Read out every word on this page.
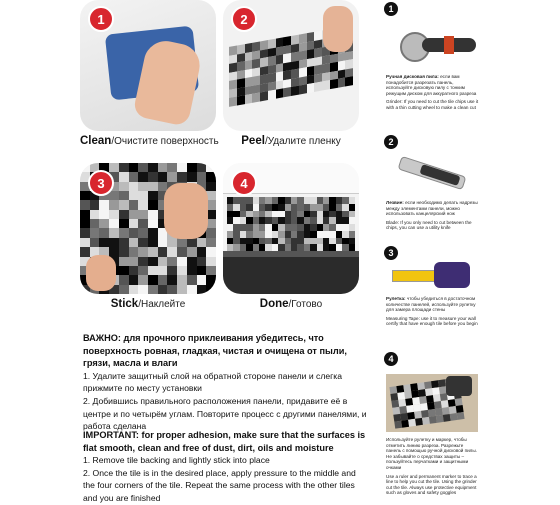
1
Clean/Очистите поверхность
2
Peel/Удалите пленку
3
Stick/Наклейте
4
Done/Готово
ВАЖНО: для прочного приклеивания убедитесь, что поверхность ровная, гладкая, чистая и очищена от пыли, грязи, масла и влаги
1. Удалите защитный слой на обратной стороне панели и слегка прижмите по месту установки
2. Добившись правильного расположения панели, придавите её в центре и по четырём углам. Повторите процесс с другими панелями, и работа сделана
IMPORTANT: for proper adhesion, make sure that the surfaces is flat smooth, clean and free of dust, dirt, oils and moisture
1. Remove tile backing and lightly stick into place
2. Once the tile is in the desired place, apply pressure to the middle and the four corners of the tile. Repeat the same process with the other tiles and you are finished
1

Ручная дисковая пила: если вам понадобится разрезать панель, используйте дисковую пилу с тонким режущим диском для аккуратного разреза

Grinder: If you need to cut the tile chips use it with a thin cutting wheel to make a clean cut

2

Лезвие: если необходимо делать надрезы между элементами панели, можно использовать канцелярский нож

Blade: If you only need to cut between the chips, you can use a utility knife

3

Рулетка: чтобы убедиться в достаточном количестве панелей, используйте рулетку для замера площади стены

Measuring Tape: use it to measure your wall certify that have enough tile before you begin

4

Используйте рулетку и маркер, чтобы отметить линию разреза. Разрежьте панель с помощью ручной дисковой пилы. Не забывайте о средствах защиты – пользуйтесь перчатками и защитными очками

Use a ruler and permanent marker to trace a line to help you cut the tile. Using the grinder cut the tile. Always use protective equipment such as gloves and safety goggles
